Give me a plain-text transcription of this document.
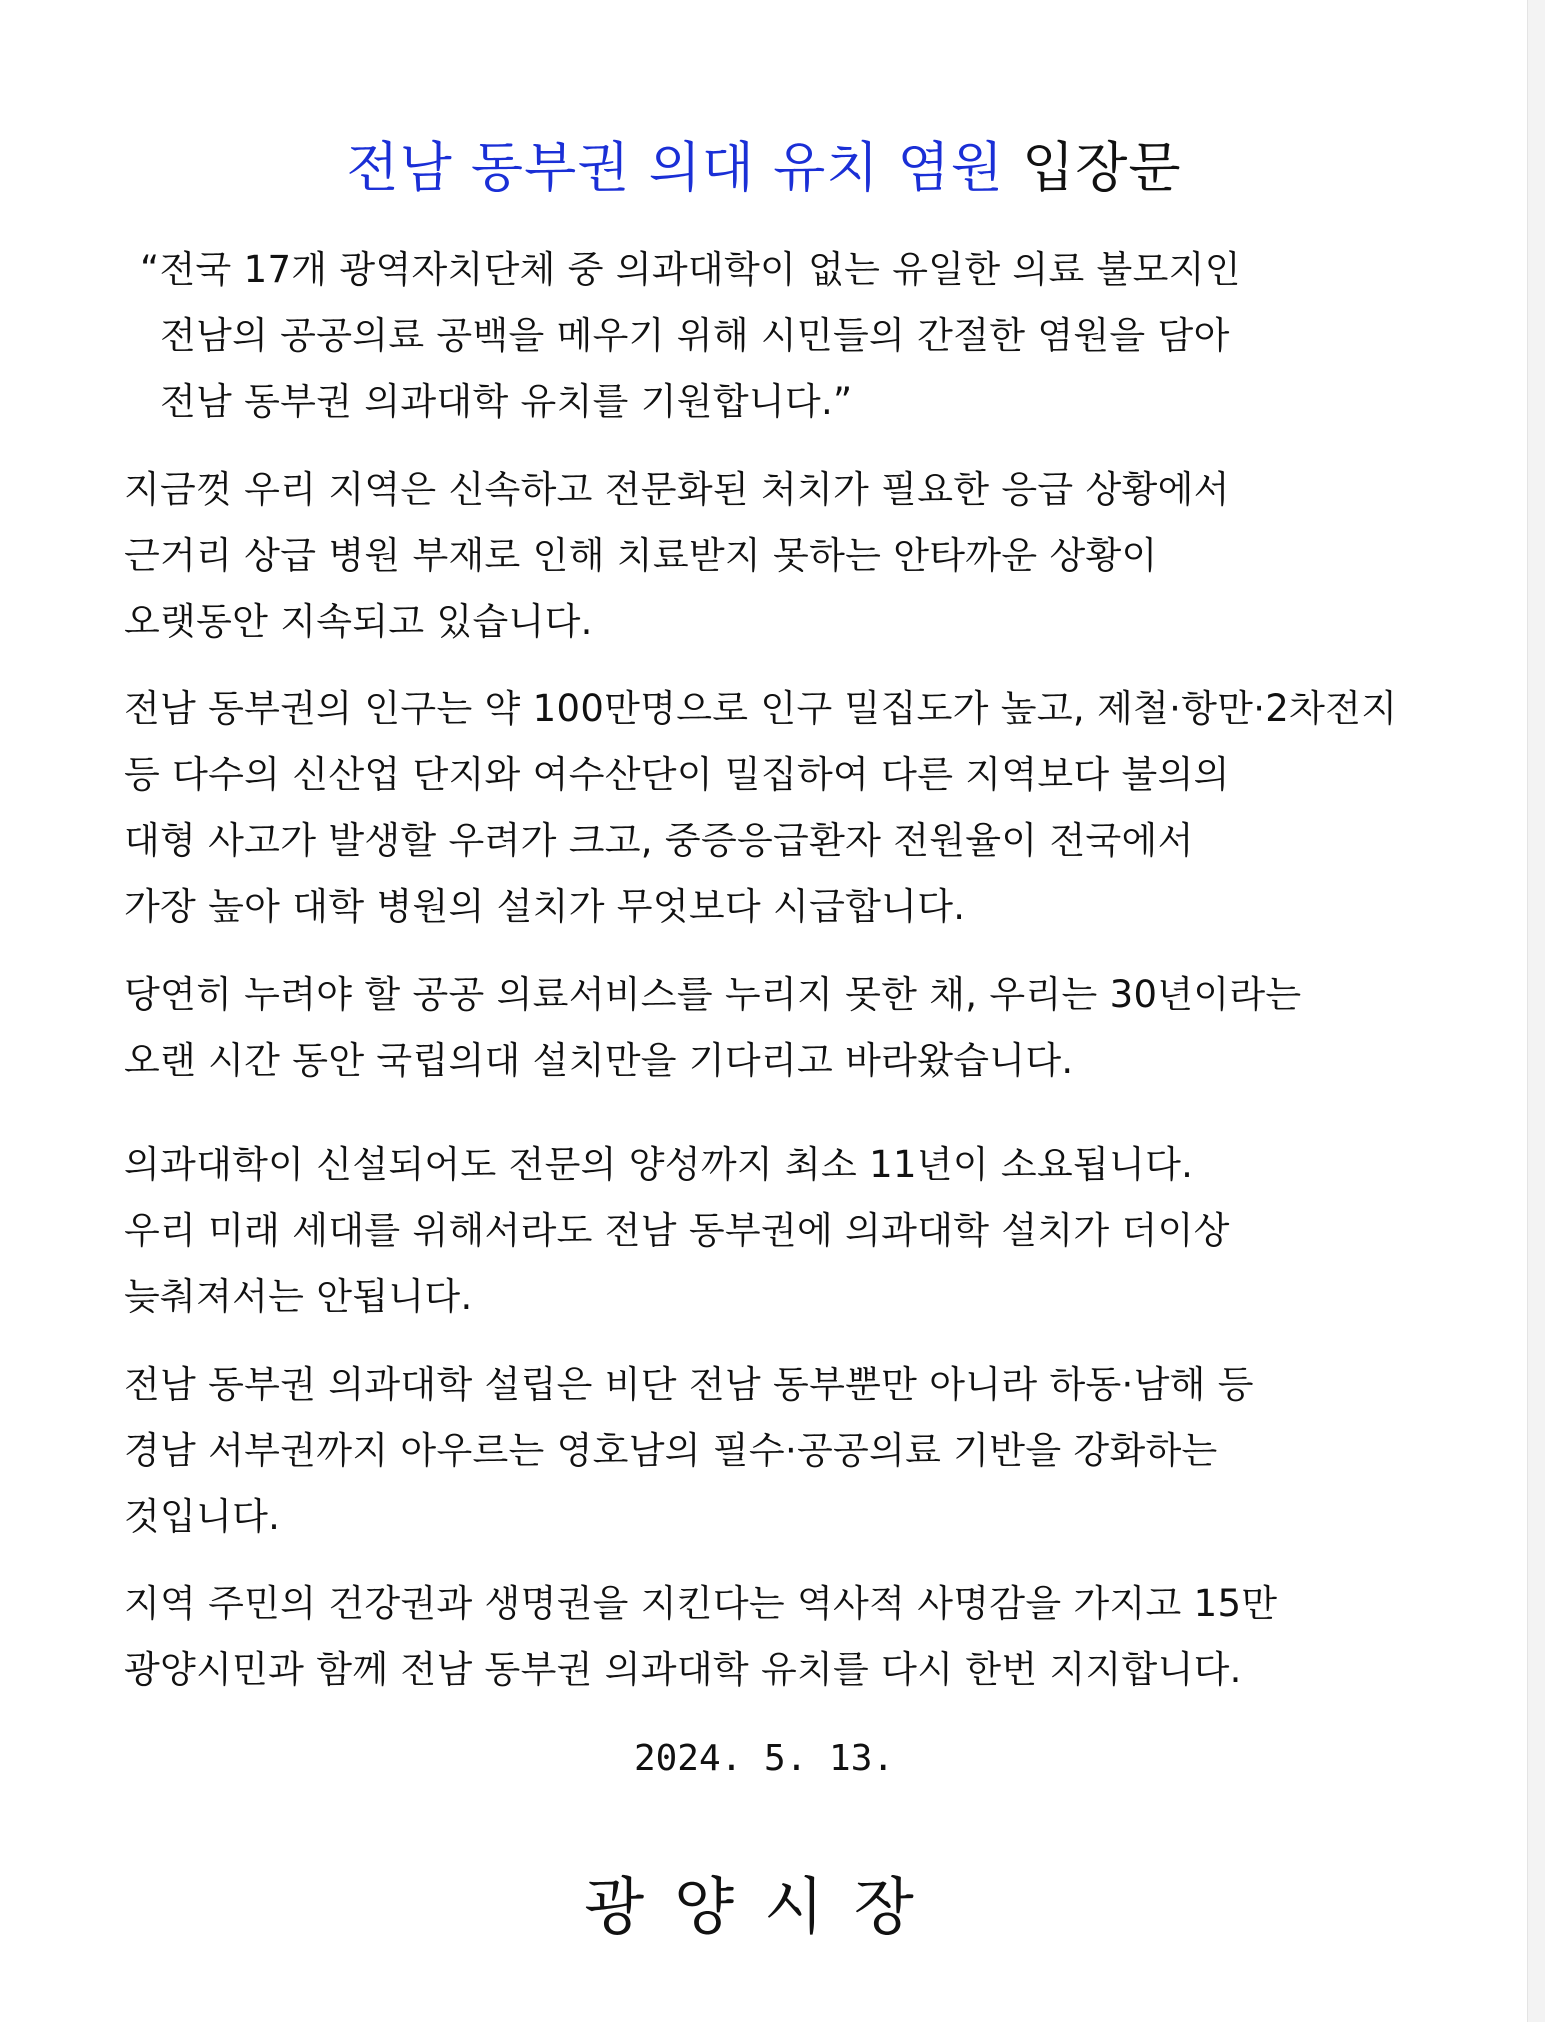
전남 동부권 의대 유치 염원 입장문
“전국 17개 광역자치단체 중 의과대학이 없는 유일한 의료 불모지인
전남의 공공의료 공백을 메우기 위해 시민들의 간절한 염원을 담아
전남 동부권 의과대학 유치를 기원합니다.”
지금껏 우리 지역은 신속하고 전문화된 처치가 필요한 응급 상황에서
근거리 상급 병원 부재로 인해 치료받지 못하는 안타까운 상황이
오랫동안 지속되고 있습니다.
전남 동부권의 인구는 약 100만명으로 인구 밀집도가 높고, 제철·항만·2차전지
등 다수의 신산업 단지와 여수산단이 밀집하여 다른 지역보다 불의의
대형 사고가 발생할 우려가 크고, 중증응급환자 전원율이 전국에서
가장 높아 대학 병원의 설치가 무엇보다 시급합니다.
당연히 누려야 할 공공 의료서비스를 누리지 못한 채, 우리는 30년이라는
오랜 시간 동안 국립의대 설치만을 기다리고 바라왔습니다.
의과대학이 신설되어도 전문의 양성까지 최소 11년이 소요됩니다.
우리 미래 세대를 위해서라도 전남 동부권에 의과대학 설치가 더이상
늦춰져서는 안됩니다.
전남 동부권 의과대학 설립은 비단 전남 동부뿐만 아니라 하동·남해 등
경남 서부권까지 아우르는 영호남의 필수·공공의료 기반을 강화하는
것입니다.
지역 주민의 건강권과 생명권을 지킨다는 역사적 사명감을 가지고 15만
광양시민과 함께 전남 동부권 의과대학 유치를 다시 한번 지지합니다.
2024. 5. 13.
광양시장
